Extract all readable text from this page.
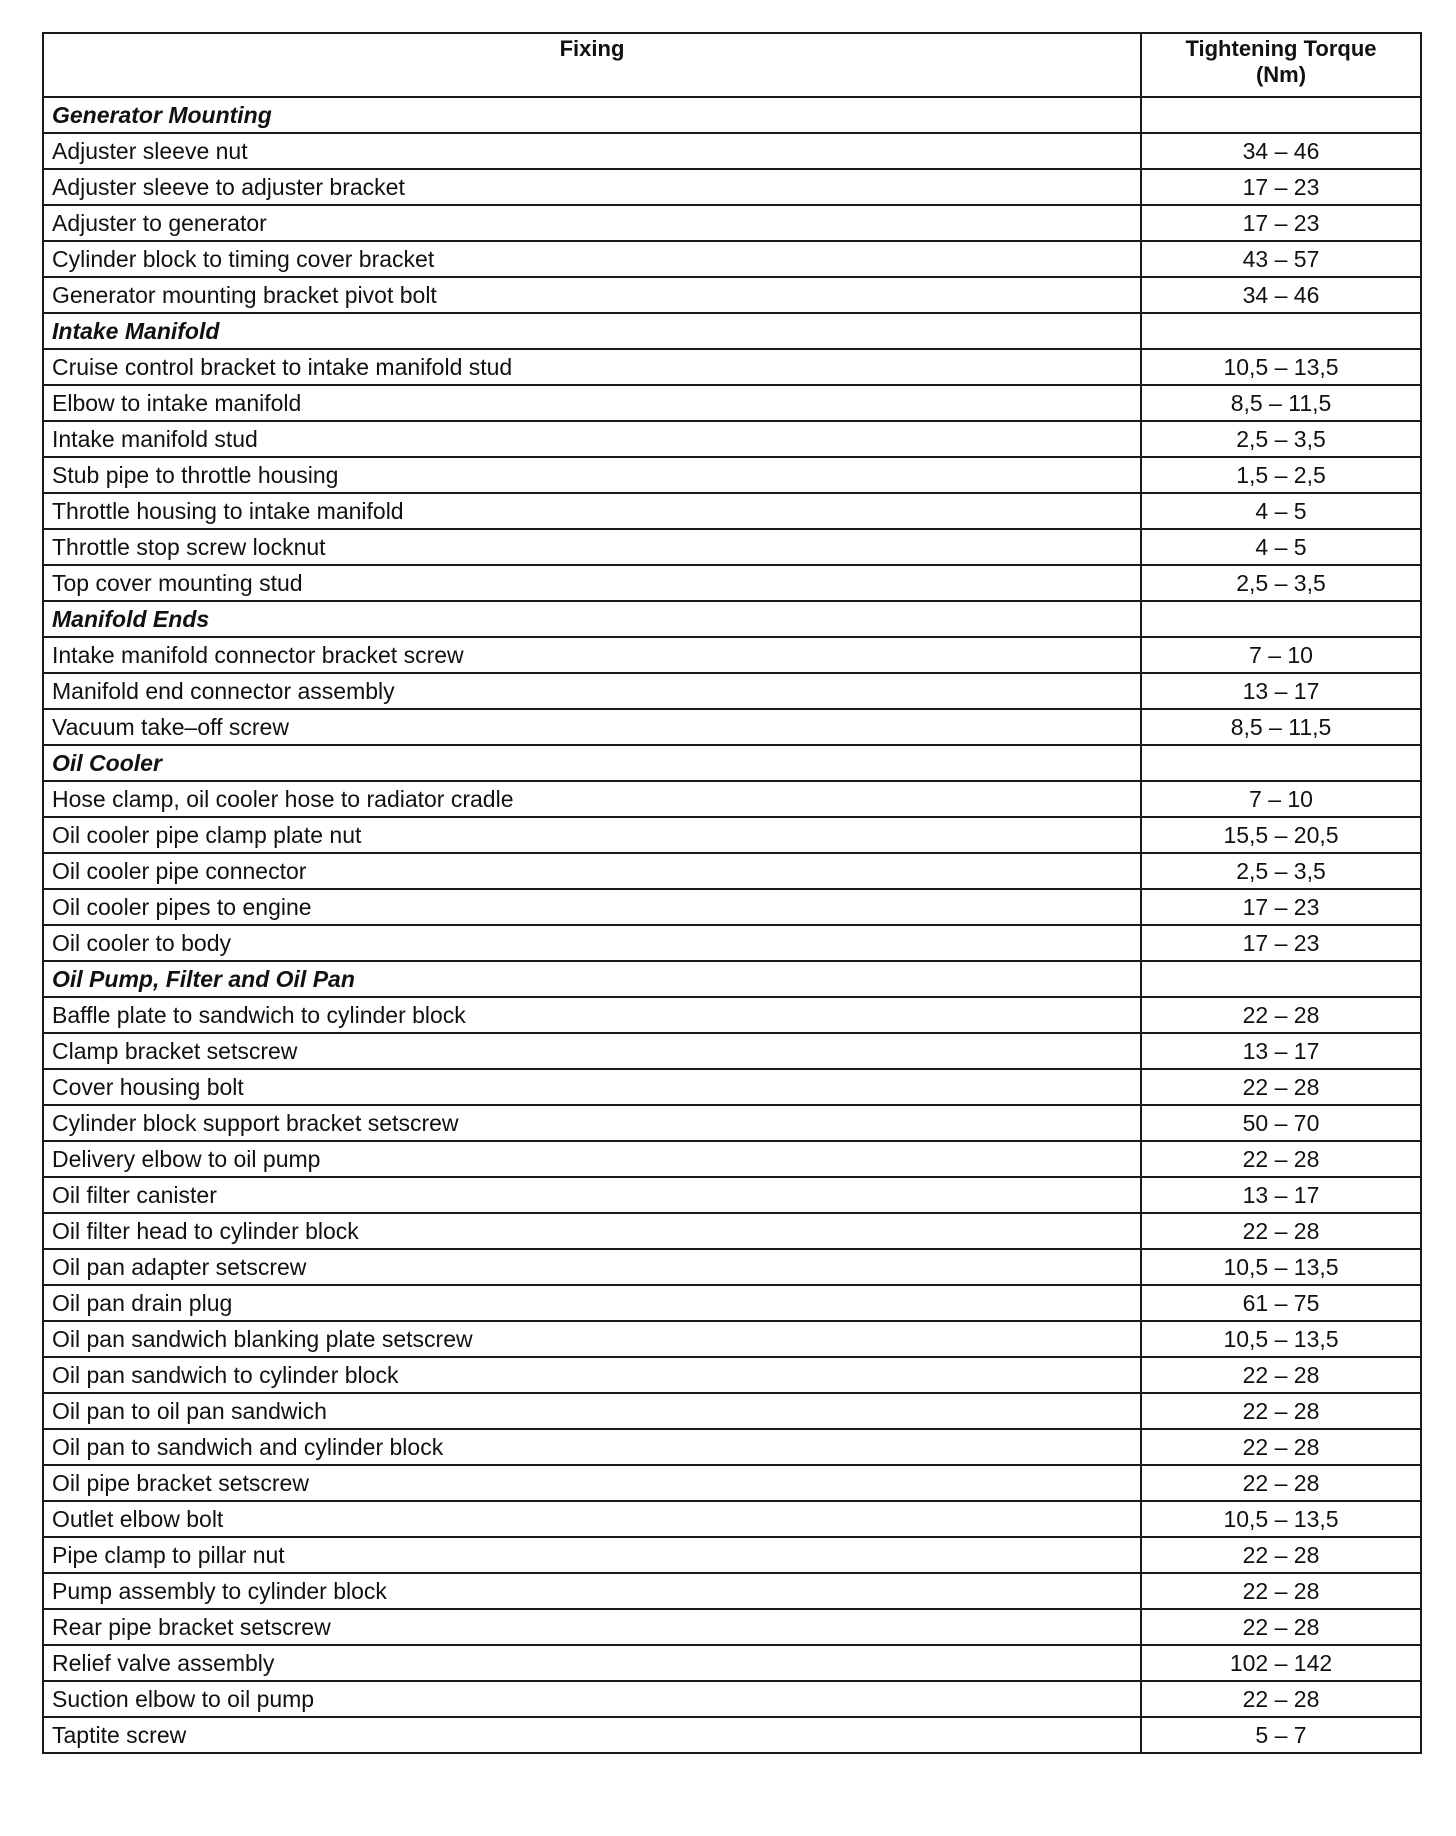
Fixing	Tightening Torque
(Nm)
Generator Mounting	
Adjuster sleeve nut	34 – 46
Adjuster sleeve to adjuster bracket	17 – 23
Adjuster to generator	17 – 23
Cylinder block to timing cover bracket	43 – 57
Generator mounting bracket pivot bolt	34 – 46
Intake Manifold	
Cruise control bracket to intake manifold stud	10,5 – 13,5
Elbow to intake manifold	8,5 – 11,5
Intake manifold stud	2,5 – 3,5
Stub pipe to throttle housing	1,5 – 2,5
Throttle housing to intake manifold	4 – 5
Throttle stop screw locknut	4 – 5
Top cover mounting stud	2,5 – 3,5
Manifold Ends	
Intake manifold connector bracket screw	7 – 10
Manifold end connector assembly	13 – 17
Vacuum take–off screw	8,5 – 11,5
Oil Cooler	
Hose clamp, oil cooler hose to radiator cradle	7 – 10
Oil cooler pipe clamp plate nut	15,5 – 20,5
Oil cooler pipe connector	2,5 – 3,5
Oil cooler pipes to engine	17 – 23
Oil cooler to body	17 – 23
Oil Pump, Filter and Oil Pan	
Baffle plate to sandwich to cylinder block	22 – 28
Clamp bracket setscrew	13 – 17
Cover housing bolt	22 – 28
Cylinder block support bracket setscrew	50 – 70
Delivery elbow to oil pump	22 – 28
Oil filter canister	13 – 17
Oil filter head to cylinder block	22 – 28
Oil pan adapter setscrew	10,5 – 13,5
Oil pan drain plug	61 – 75
Oil pan sandwich blanking plate setscrew	10,5 – 13,5
Oil pan sandwich to cylinder block	22 – 28
Oil pan to oil pan sandwich	22 – 28
Oil pan to sandwich and cylinder block	22 – 28
Oil pipe bracket setscrew	22 – 28
Outlet elbow bolt	10,5 – 13,5
Pipe clamp to pillar nut	22 – 28
Pump assembly to cylinder block	22 – 28
Rear pipe bracket setscrew	22 – 28
Relief valve assembly	102 – 142
Suction elbow to oil pump	22 – 28
Taptite screw	5 – 7
